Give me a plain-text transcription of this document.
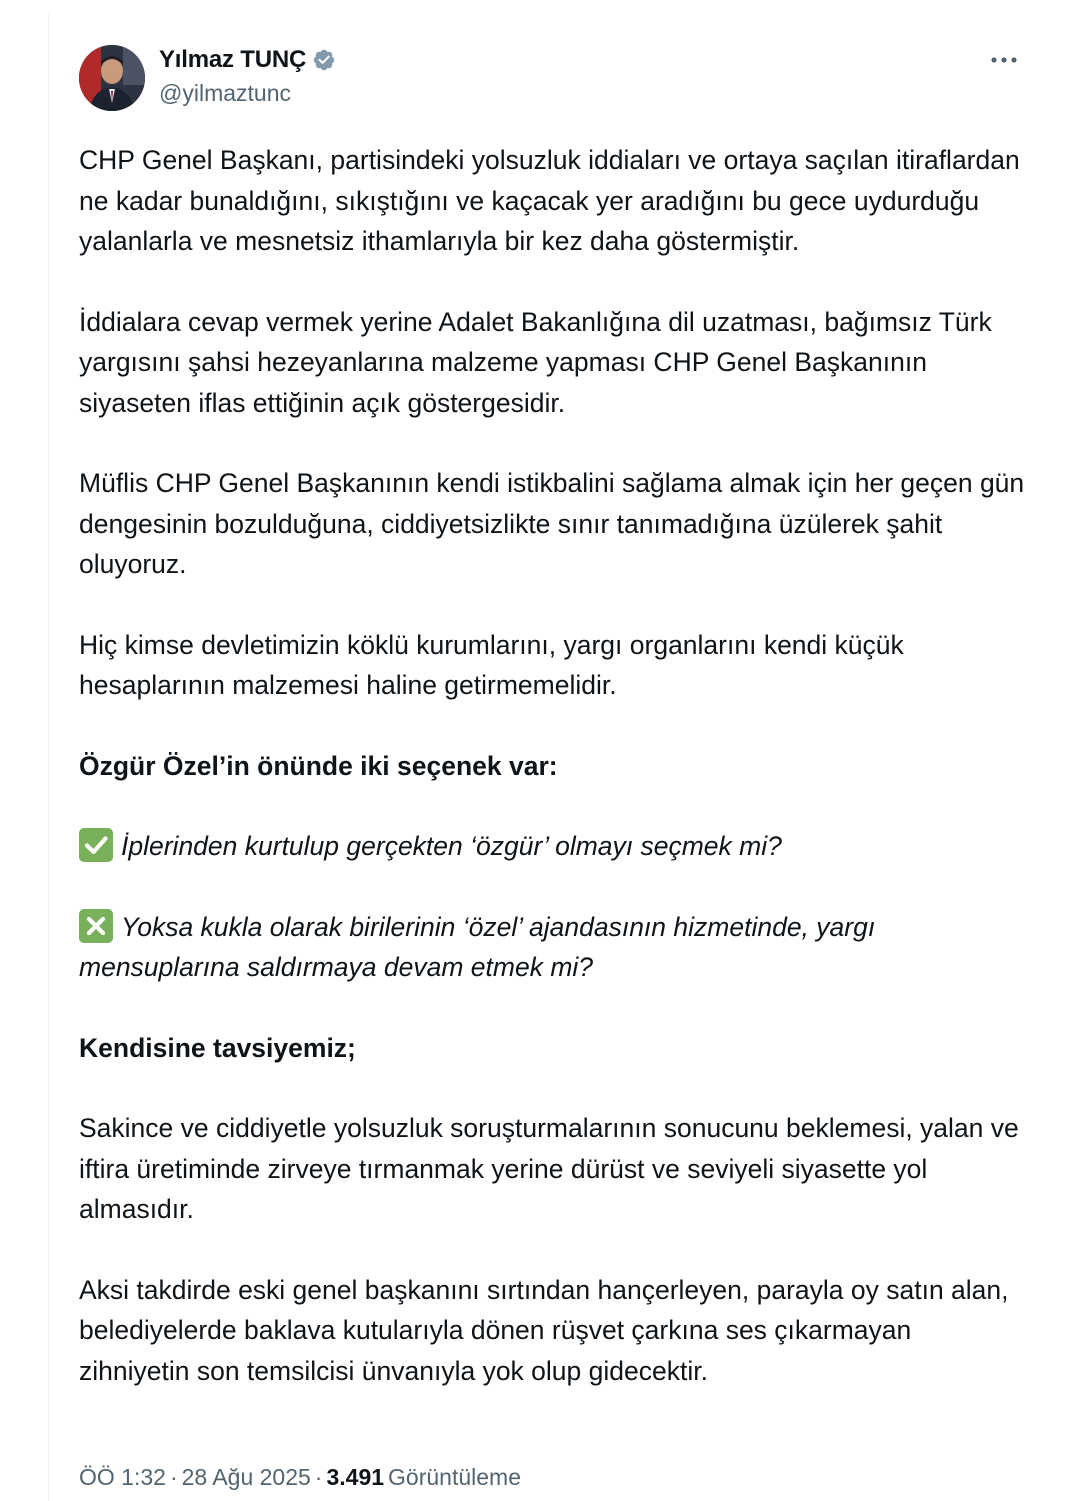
Yılmaz TUNÇ
@yilmaztunc

CHP Genel Başkanı, partisindeki yolsuzluk iddiaları ve ortaya saçılan itiraflardan ne kadar bunaldığını, sıkıştığını ve kaçacak yer aradığını bu gece uydurduğu yalanlarla ve mesnetsiz ithamlarıyla bir kez daha göstermiştir.

İddialara cevap vermek yerine Adalet Bakanlığına dil uzatması, bağımsız Türk yargısını şahsi hezeyanlarına malzeme yapması CHP Genel Başkanının siyaseten iflas ettiğinin açık göstergesidir.

Müflis CHP Genel Başkanının kendi istikbalini sağlama almak için her geçen gün dengesinin bozulduğuna, ciddiyetsizlikte sınır tanımadığına üzülerek şahit oluyoruz.

Hiç kimse devletimizin köklü kurumlarını, yargı organlarını kendi küçük hesaplarının malzemesi haline getirmemelidir.

Özgür Özel’in önünde iki seçenek var:

İplerinden kurtulup gerçekten ‘özgür’ olmayı seçmek mi?

Yoksa kukla olarak birilerinin ‘özel’ ajandasının hizmetinde, yargı mensuplarına saldırmaya devam etmek mi?

Kendisine tavsiyemiz;

Sakince ve ciddiyetle yolsuzluk soruşturmalarının sonucunu beklemesi, yalan ve iftira üretiminde zirveye tırmanmak yerine dürüst ve seviyeli siyasette yol almasıdır.

Aksi takdirde eski genel başkanını sırtından hançerleyen, parayla oy satın alan, belediyelerde baklava kutularıyla dönen rüşvet çarkına ses çıkarmayan zihniyetin son temsilcisi ünvanıyla yok olup gidecektir.

ÖÖ 1:32 · 28 Ağu 2025 · 3.491 Görüntüleme
